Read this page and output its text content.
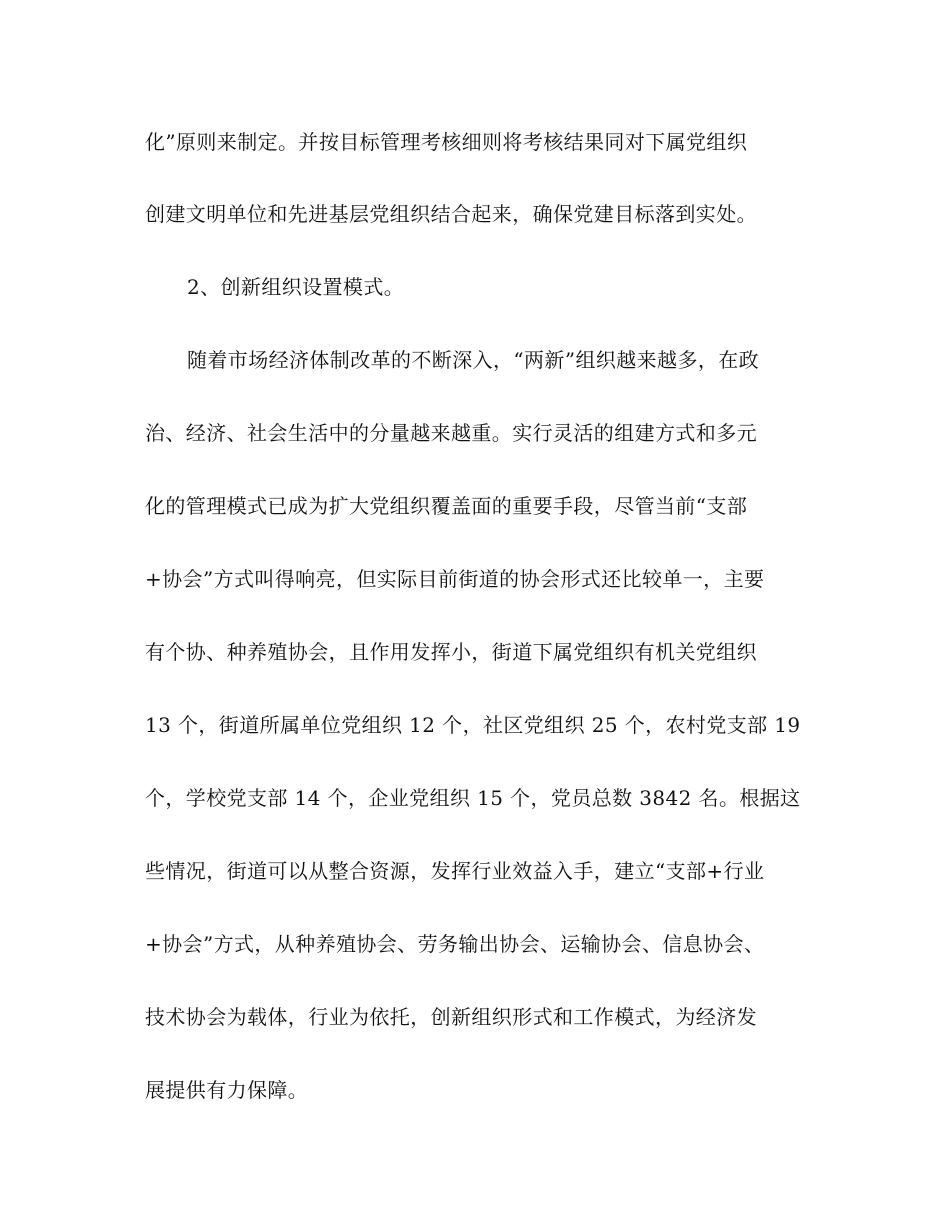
化”原则来制定。并按目标管理考核细则将考核结果同对下属党组织
创建文明单位和先进基层党组织结合起来，确保党建目标落到实处。
2、创新组织设置模式。
随着市场经济体制改革的不断深入，“两新”组织越来越多，在政
治、经济、社会生活中的分量越来越重。实行灵活的组建方式和多元
化的管理模式已成为扩大党组织覆盖面的重要手段，尽管当前“支部
+协会”方式叫得响亮，但实际目前街道的协会形式还比较单一，主要
有个协、种养殖协会，且作用发挥小，街道下属党组织有机关党组织
13 个，街道所属单位党组织 12 个，社区党组织 25 个，农村党支部 19
个，学校党支部 14 个，企业党组织 15 个，党员总数 3842 名。根据这
些情况，街道可以从整合资源，发挥行业效益入手，建立“支部+行业
+协会”方式，从种养殖协会、劳务输出协会、运输协会、信息协会、
技术协会为载体，行业为依托，创新组织形式和工作模式，为经济发
展提供有力保障。
